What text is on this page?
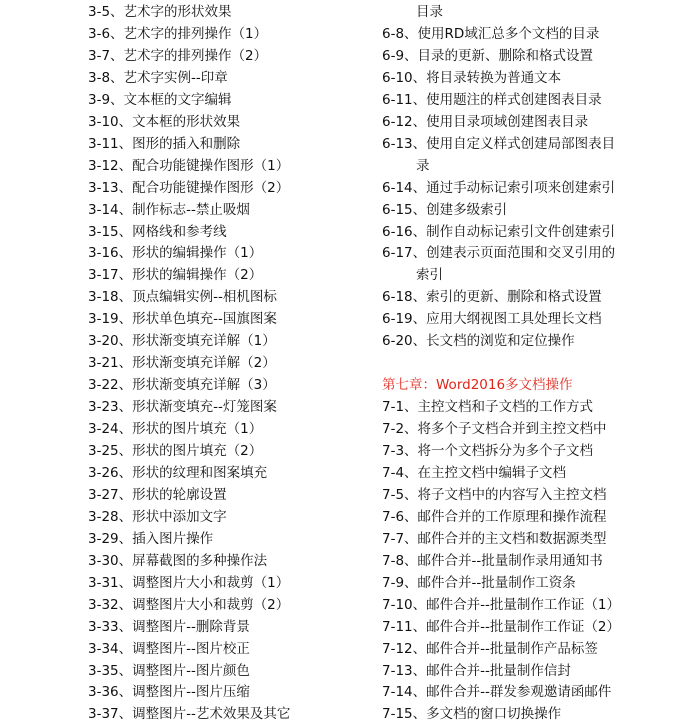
3-5、艺术字的形状效果
3-6、艺术字的排列操作（1）
3-7、艺术字的排列操作（2）
3-8、艺术字实例--印章
3-9、文本框的文字编辑
3-10、文本框的形状效果
3-11、图形的插入和删除
3-12、配合功能键操作图形（1）
3-13、配合功能键操作图形（2）
3-14、制作标志--禁止吸烟
3-15、网格线和参考线
3-16、形状的编辑操作（1）
3-17、形状的编辑操作（2）
3-18、顶点编辑实例--相机图标
3-19、形状单色填充--国旗图案
3-20、形状渐变填充详解（1）
3-21、形状渐变填充详解（2）
3-22、形状渐变填充详解（3）
3-23、形状渐变填充--灯笼图案
3-24、形状的图片填充（1）
3-25、形状的图片填充（2）
3-26、形状的纹理和图案填充
3-27、形状的轮廓设置
3-28、形状中添加文字
3-29、插入图片操作
3-30、屏幕截图的多种操作法
3-31、调整图片大小和裁剪（1）
3-32、调整图片大小和裁剪（2）
3-33、调整图片--删除背景
3-34、调整图片--图片校正
3-35、调整图片--图片颜色
3-36、调整图片--图片压缩
3-37、调整图片--艺术效果及其它
目录
6-8、使用RD域汇总多个文档的目录
6-9、目录的更新、删除和格式设置
6-10、将目录转换为普通文本
6-11、使用题注的样式创建图表目录
6-12、使用目录项域创建图表目录
6-13、使用自定义样式创建局部图表目
录
6-14、通过手动标记索引项来创建索引
6-15、创建多级索引
6-16、制作自动标记索引文件创建索引
6-17、创建表示页面范围和交叉引用的
索引
6-18、索引的更新、删除和格式设置
6-19、应用大纲视图工具处理长文档
6-20、长文档的浏览和定位操作
第七章：Word2016多文档操作
7-1、主控文档和子文档的工作方式
7-2、将多个子文档合并到主控文档中
7-3、将一个文档拆分为多个子文档
7-4、在主控文档中编辑子文档
7-5、将子文档中的内容写入主控文档
7-6、邮件合并的工作原理和操作流程
7-7、邮件合并的主文档和数据源类型
7-8、邮件合并--批量制作录用通知书
7-9、邮件合并--批量制作工资条
7-10、邮件合并--批量制作工作证（1）
7-11、邮件合并--批量制作工作证（2）
7-12、邮件合并--批量制作产品标签
7-13、邮件合并--批量制作信封
7-14、邮件合并--群发参观邀请函邮件
7-15、多文档的窗口切换操作
